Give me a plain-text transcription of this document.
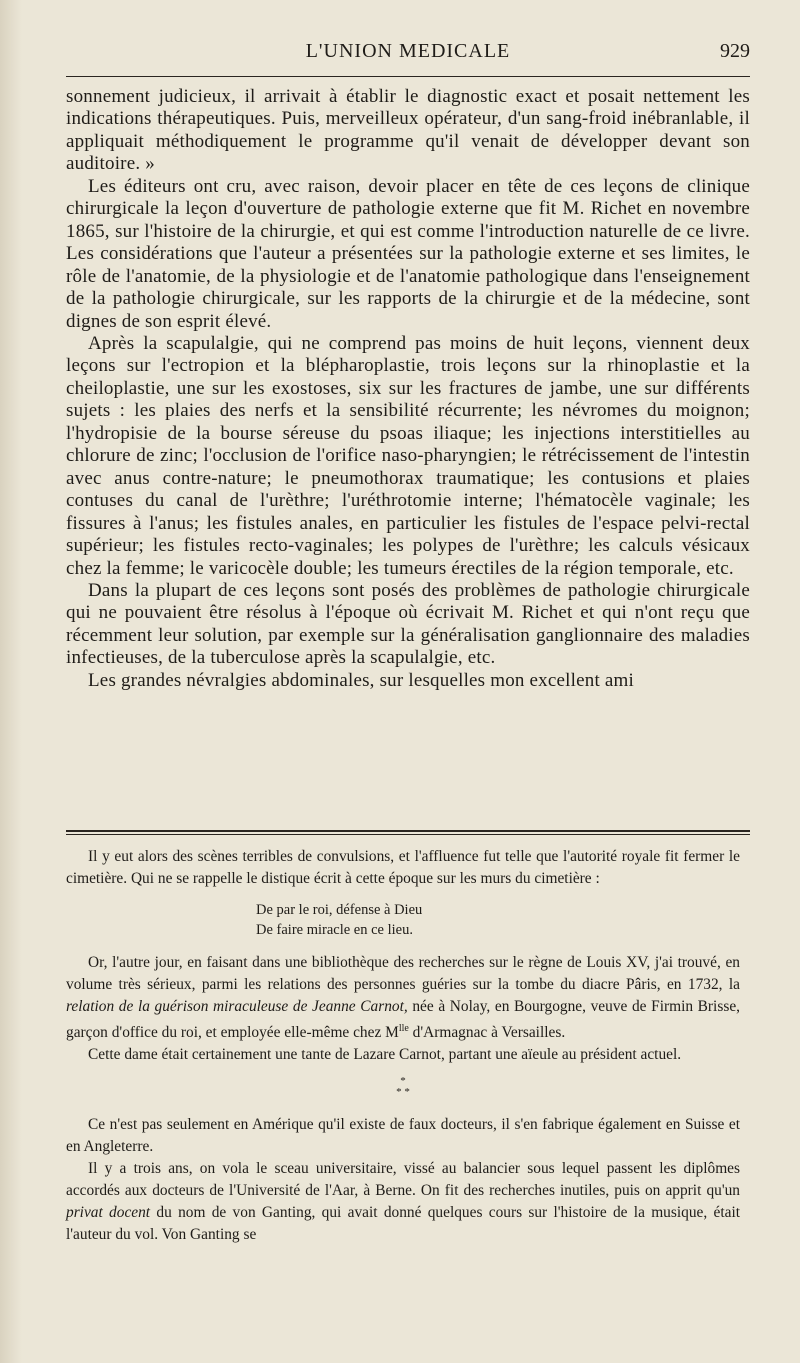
L'UNION MEDICALE	929

sonnement judicieux, il arrivait à établir le diagnostic exact et posait nettement les indications thérapeutiques. Puis, merveilleux opérateur, d'un sang-froid inébranlable, il appliquait méthodiquement le programme qu'il venait de développer devant son auditoire. »

Les éditeurs ont cru, avec raison, devoir placer en tête de ces leçons de clinique chirurgicale la leçon d'ouverture de pathologie externe que fit M. Richet en novembre 1865, sur l'histoire de la chirurgie, et qui est comme l'introduction naturelle de ce livre. Les considérations que l'auteur a présentées sur la pathologie externe et ses limites, le rôle de l'anatomie, de la physiologie et de l'anatomie pathologique dans l'enseignement de la pathologie chirurgicale, sur les rapports de la chirurgie et de la médecine, sont dignes de son esprit élevé.

Après la scapulalgie, qui ne comprend pas moins de huit leçons, viennent deux leçons sur l'ectropion et la blépharoplastie, trois leçons sur la rhinoplastie et la cheiloplastie, une sur les exostoses, six sur les fractures de jambe, une sur différents sujets : les plaies des nerfs et la sensibilité récurrente; les névromes du moignon; l'hydropisie de la bourse séreuse du psoas iliaque; les injections interstitielles au chlorure de zinc; l'occlusion de l'orifice naso-pharyngien; le rétrécissement de l'intestin avec anus contre-nature; le pneumothorax traumatique; les contusions et plaies contuses du canal de l'urèthre; l'uréthrotomie interne; l'hématocèle vaginale; les fissures à l'anus; les fistules anales, en particulier les fistules de l'espace pelvi-rectal supérieur; les fistules recto-vaginales; les polypes de l'urèthre; les calculs vésicaux chez la femme; le varicocèle double; les tumeurs érectiles de la région temporale, etc.

Dans la plupart de ces leçons sont posés des problèmes de pathologie chirurgicale qui ne pouvaient être résolus à l'époque où écrivait M. Richet et qui n'ont reçu que récemment leur solution, par exemple sur la généralisation ganglionnaire des maladies infectieuses, de la tuberculose après la scapulalgie, etc.

Les grandes névralgies abdominales, sur lesquelles mon excellent ami

Il y eut alors des scènes terribles de convulsions, et l'affluence fut telle que l'autorité royale fit fermer le cimetière. Qui ne se rappelle le distique écrit à cette époque sur les murs du cimetière :

De par le roi, défense à Dieu
De faire miracle en ce lieu.

Or, l'autre jour, en faisant dans une bibliothèque des recherches sur le règne de Louis XV, j'ai trouvé, en volume très sérieux, parmi les relations des personnes guéries sur la tombe du diacre Pâris, en 1732, la relation de la guérison miraculeuse de Jeanne Carnot, née à Nolay, en Bourgogne, veuve de Firmin Brisse, garçon d'office du roi, et employée elle-même chez $M^{lle}$ d'Armagnac à Versailles.

Cette dame était certainement une tante de Lazare Carnot, partant une aïeule au président actuel.

*
* *

Ce n'est pas seulement en Amérique qu'il existe de faux docteurs, il s'en fabrique également en Suisse et en Angleterre.

Il y a trois ans, on vola le sceau universitaire, vissé au balancier sous lequel passent les diplômes accordés aux docteurs de l'Université de l'Aar, à Berne. On fit des recherches inutiles, puis on apprit qu'un privat docent du nom de von Ganting, qui avait donné quelques cours sur l'histoire de la musique, était l'auteur du vol. Von Ganting se
